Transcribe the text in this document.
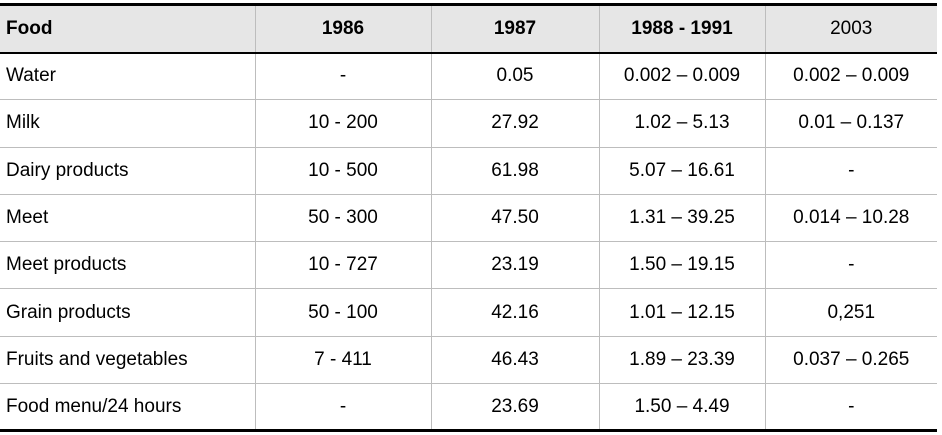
Food	1986	1987	1988 - 1991	2003
Water	-	0.05	0.002 – 0.009	0.002 – 0.009
Milk	10 - 200	27.92	1.02 – 5.13	0.01 – 0.137
Dairy products	10 - 500	61.98	5.07 – 16.61	-
Meet	50 - 300	47.50	1.31 – 39.25	0.014 – 10.28
Meet products	10 - 727	23.19	1.50 – 19.15	-
Grain products	50 - 100	42.16	1.01 – 12.15	0,251
Fruits and vegetables	7 - 411	46.43	1.89 – 23.39	0.037 – 0.265
Food menu/24 hours	-	23.69	1.50 – 4.49	-
